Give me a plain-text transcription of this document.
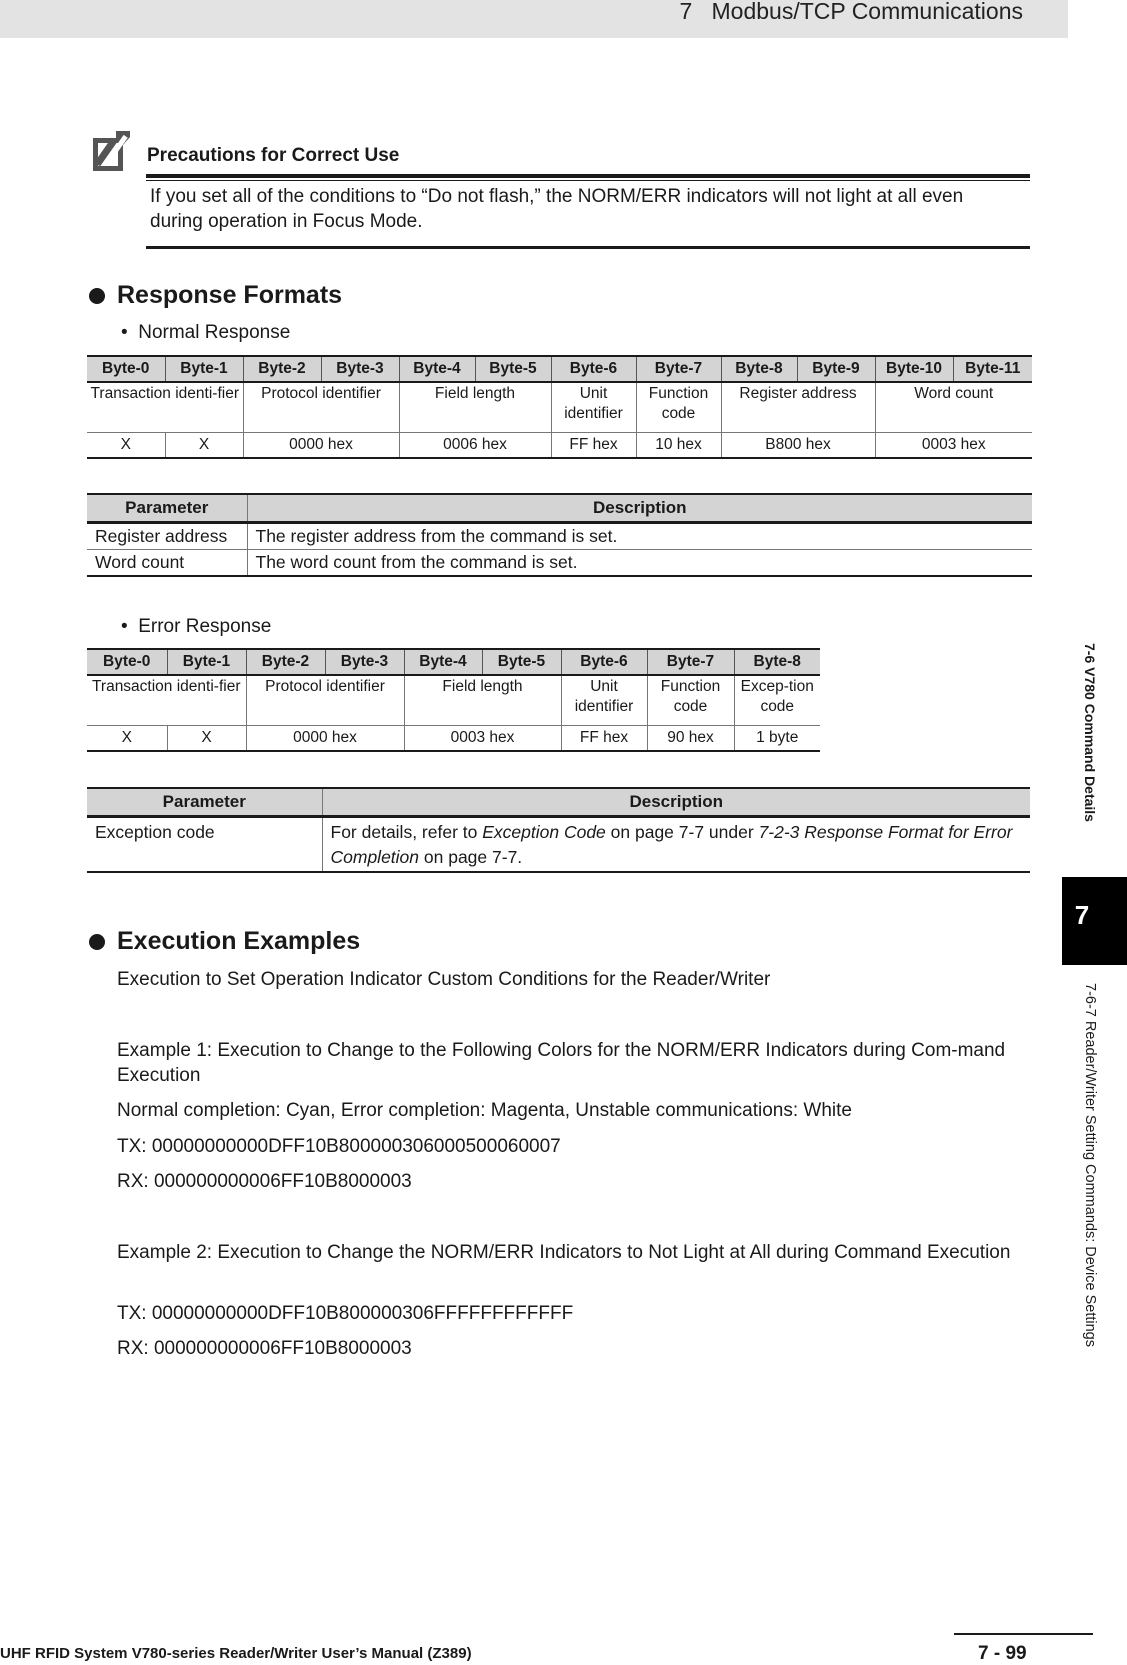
7   Modbus/TCP Communications
Precautions for Correct Use
If you set all of the conditions to “Do not flash,” the NORM/ERR indicators will not light at all even during operation in Focus Mode.
Response Formats
•  Normal Response
Byte-0	Byte-1	Byte-2	Byte-3	Byte-4	Byte-5	Byte-6	Byte-7	Byte-8	Byte-9	Byte-10	Byte-11
Transaction identi-fier		Protocol identifier		Field length		Unit identifier	Function code	Register address		Word count	
X	X	0000 hex		0006 hex		FF hex	10 hex	B800 hex		0003 hex	
Parameter	Description
Register address	The register address from the command is set.
Word count	The word count from the command is set.
•  Error Response
Byte-0	Byte-1	Byte-2	Byte-3	Byte-4	Byte-5	Byte-6	Byte-7	Byte-8
Transaction identi-fier		Protocol identifier		Field length		Unit identifier	Function code	Excep-tion code
X	X	0000 hex		0003 hex		FF hex	90 hex	1 byte
Parameter	Description
Exception code	For details, refer to Exception Code on page 7-7 under 7-2-3 Response Format for Error Completion on page 7-7.
Execution Examples
Execution to Set Operation Indicator Custom Conditions for the Reader/Writer
Example 1: Execution to Change to the Following Colors for the NORM/ERR Indicators during Com-mand Execution
Normal completion: Cyan, Error completion: Magenta, Unstable communications: White
TX: 00000000000DFF10B800000306000500060007
RX: 000000000006FF10B8000003
Example 2: Execution to Change the NORM/ERR Indicators to Not Light at All during Command Execution
TX: 00000000000DFF10B800000306FFFFFFFFFFFF
RX: 000000000006FF10B8000003
7-6 V780 Command Details
7
7-6-7 Reader/Writer Setting Commands: Device Settings
UHF RFID System V780-series Reader/Writer User’s Manual (Z389)	7 - 99
